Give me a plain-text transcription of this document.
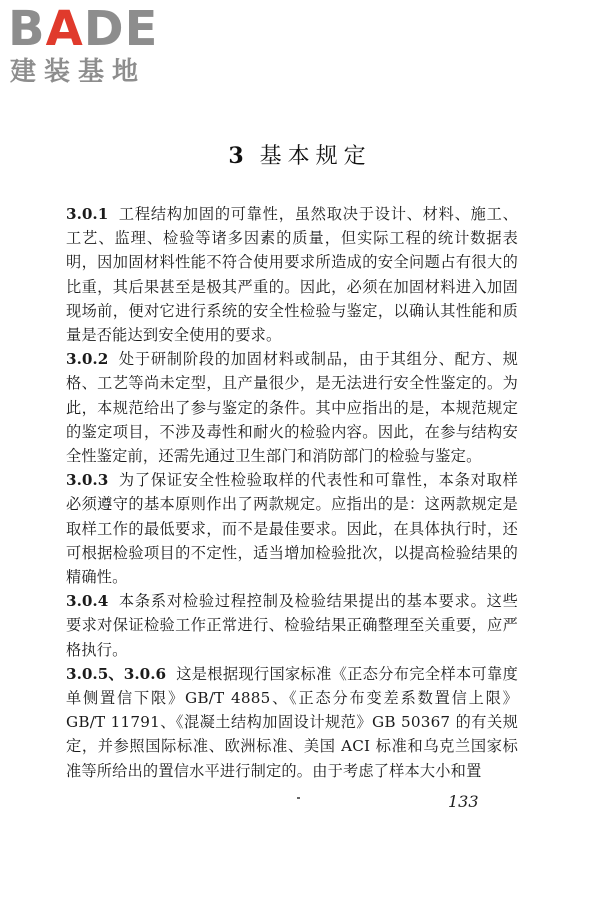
BADE
建装基地
3 基本规定

3.0.1 工程结构加固的可靠性，虽然取决于设计、材料、施工、工艺、监理、检验等诸多因素的质量，但实际工程的统计数据表明，因加固材料性能不符合使用要求所造成的安全问题占有很大的比重，其后果甚至是极其严重的。因此，必须在加固材料进入加固现场前，便对它进行系统的安全性检验与鉴定，以确认其性能和质量是否能达到安全使用的要求。

3.0.2 处于研制阶段的加固材料或制品，由于其组分、配方、规格、工艺等尚未定型，且产量很少，是无法进行安全性鉴定的。为此，本规范给出了参与鉴定的条件。其中应指出的是，本规范规定的鉴定项目，不涉及毒性和耐火的检验内容。因此，在参与结构安全性鉴定前，还需先通过卫生部门和消防部门的检验与鉴定。

3.0.3 为了保证安全性检验取样的代表性和可靠性，本条对取样必须遵守的基本原则作出了两款规定。应指出的是：这两款规定是取样工作的最低要求，而不是最佳要求。因此，在具体执行时，还可根据检验项目的不定性，适当增加检验批次，以提高检验结果的精确性。

3.0.4 本条系对检验过程控制及检验结果提出的基本要求。这些要求对保证检验工作正常进行、检验结果正确整理至关重要，应严格执行。

3.0.5、3.0.6 这是根据现行国家标准《正态分布完全样本可靠度单侧置信下限》GB/T 4885、《正态分布变差系数置信上限》GB/T 11791、《混凝土结构加固设计规范》GB 50367 的有关规定，并参照国际标准、欧洲标准、美国 ACI 标准和乌克兰国家标准等所给出的置信水平进行制定的。由于考虑了样本大小和置

133
